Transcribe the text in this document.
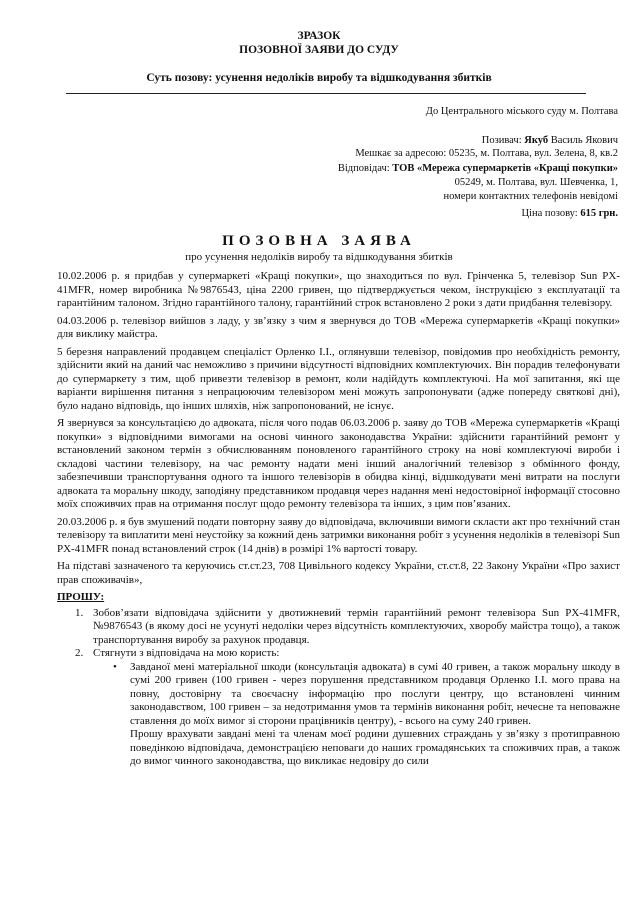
ЗРАЗОК
ПОЗОВНОЇ ЗАЯВИ ДО СУДУ
Суть позову: усунення недоліків виробу та відшкодування збитків
До Центрального міського суду м. Полтава
Позивач: Якуб Василь Якович
Мешкає за адресою: 05235, м. Полтава, вул. Зелена, 8, кв.2
Відповідач: ТОВ «Мережа супермаркетів «Кращі покупки»
05249, м. Полтава, вул. Шевченка, 1,
номери контактних телефонів невідомі
Ціна позову: 615 грн.
ПОЗОВНА ЗАЯВА
про усунення недоліків виробу та відшкодування збитків

10.02.2006 р. я придбав у супермаркеті «Кращі покупки», що знаходиться по вул. Грінченка 5, телевізор Sun PX-41MFR, номер виробника №9876543, ціна 2200 гривен, що підтверджується чеком, інструкцією з експлуатації та гарантійним талоном. Згідно гарантійного талону, гарантійний строк встановлено 2 роки з дати придбання телевізору.

04.03.2006 р. телевізор вийшов з ладу, у зв’язку з чим я звернувся до ТОВ «Мережа супермаркетів «Кращі покупки» для виклику майстра.

5 березня направлений продавцем спеціаліст Орленко І.І., оглянувши телевізор, повідомив про необхідність ремонту, здійснити який на даний час неможливо з причини відсутності відповідних комплектуючих. Він порадив телефонувати до супермаркету з тим, щоб привезти телевізор в ремонт, коли надійдуть комплектуючі. На мої запитання, які ще варіанти вирішення питання з непрацюючим телевізором мені можуть запропонувати (адже попереду святкові дні), було надано відповідь, що інших шляхів, ніж запропонований, не існує.

Я звернувся за консультацією до адвоката, після чого подав 06.03.2006 р. заяву до ТОВ «Мережа супермаркетів «Кращі покупки» з відповідними вимогами на основі чинного законодавства України: здійснити гарантійний ремонт у встановлений законом термін з обчислюванням поновленого гарантійного строку на нові комплектуючі вироби і складові частини телевізору, на час ремонту надати мені інший аналогічний телевізор з обмінного фонду, забезпечивши транспортування одного та іншого телевізорів в обидва кінці, відшкодувати мені витрати на послуги адвоката та моральну шкоду, заподіяну представником продавця через надання мені недостовірної інформації стосовно моїх споживчих прав на отримання послуг щодо ремонту телевізора та інших, з цим пов’язаних.

20.03.2006 р. я був змушений подати повторну заяву до відповідача, включивши вимоги скласти акт про технічний стан телевізору та виплатити мені неустойку за кожний день затримки виконання робіт з усунення недоліків в телевізорі Sun PX-41MFR понад встановлений строк (14 днів) в розмірі 1% вартості товару.

На підставі зазначеного та керуючись ст.ст.23, 708 Цивільного кодексу України, ст.ст.8, 22 Закону України «Про захист прав споживачів»,

ПРОШУ:
1. Зобов’язати відповідача здійснити у двотижневий термін гарантійний ремонт телевізора Sun PX-41MFR, №9876543 (в якому досі не усунуті недоліки через відсутність комплектуючих, хворобу майстра тощо), а також транспортування виробу за рахунок продавця.
2. Стягнути з відповідача на мою користь:
• Завданої мені матеріальної шкоди (консультація адвоката) в сумі 40 гривен, а також моральну шкоду в сумі 200 гривен (100 гривен - через порушення представником продавця Орленко І.І. мого права на повну, достовірну та своєчасну інформацію про послуги центру, що встановлені чинним законодавством, 100 гривен – за недотримання умов та термінів виконання робіт, нечесне та неповажне ставлення до моїх вимог зі сторони працівників центру), - всього на суму 240 гривен.

Прошу врахувати завдані мені та членам моєї родини душевних страждань у зв’язку з протиправною поведінкою відповідача, демонстрацією неповаги до наших громадянських та споживчих прав, а також до вимог чинного законодавства, що викликає недовіру до сили
